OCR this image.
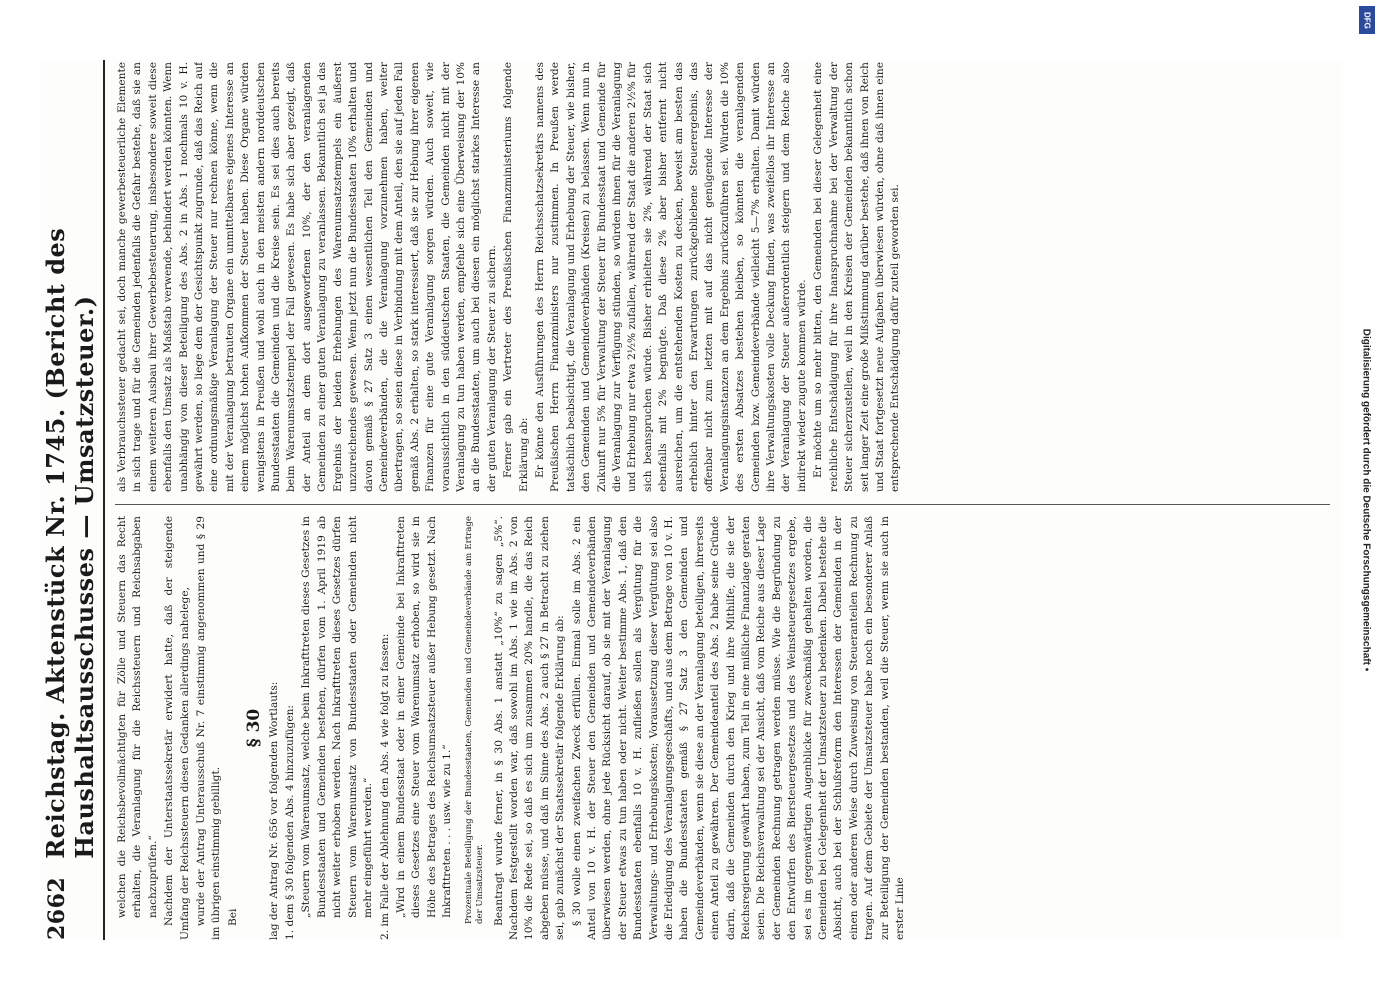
2662
Reichstag. Aktenstück Nr. 1745. (Bericht des Haushaltsausschusses — Umsatzsteuer.) welchen die Reichsbevollmächtigten für Zölle und Steuern das Recht erhalten, die Veranlagung für die Reichssteuern und Reichsabgaben nachzuprüfen.“ Nachdem der Unterstaatssekretär erwidert hatte, daß der steigende Umfang der Reichssteuern diesen Gedanken allerdings nahelege, wurde der Antrag Unterausschuß Nr. 7 einstimmig angenommen und § 29 im übrigen einstimmig gebilligt. Bei

§ 30 lag der Antrag Nr. 656 vor folgenden Wortlauts: 1. dem § 30 folgenden Abs. 4 hinzuzufügen: „Steuern vom Warenumsatz, welche beim Inkrafttreten dieses Gesetzes in Bundesstaaten und Gemeinden bestehen, dürfen vom 1. April 1919 ab nicht weiter erhoben werden. Nach Inkrafttreten dieses Gesetzes dürfen Steuern vom Warenumsatz von Bundesstaaten oder Gemeinden nicht mehr eingeführt werden.“ 2. im Falle der Ablehnung den Abs. 4 wie folgt zu fassen: „Wird in einem Bundesstaat oder in einer Gemeinde bei Inkrafttreten dieses Gesetzes eine Steuer vom Warenumsatz erhoben, so wird sie in Höhe des Betrages des Reichsumsatzsteuer außer Hebung gesetzt. Nach Inkrafttreten . . . usw. wie zu 1.“ Prozentuale Beteiligung der Bundesstaaten, Gemeinden und Gemeindeverbände am Ertrage der Umsatzsteuer. Beantragt wurde ferner, in § 30 Abs. 1 anstatt „10%“ zu sagen „5%“. Nachdem festgestellt worden war, daß sowohl im Abs. 1 wie im Abs. 2 von 10% die Rede sei, so daß es sich um zusammen 20% handle, die das Reich abgeben müsse, und daß im Sinne des Abs. 2 auch § 27 in Betracht zu ziehen sei, gab zunächst der Staatssekretär folgende Erklärung ab: § 30 wolle einen zweifachen Zweck erfüllen. Einmal solle im Abs. 2 ein Anteil von 10 v. H. der Steuer den Gemeinden und Gemeindeverbänden überwiesen werden, ohne jede Rücksicht darauf, ob sie mit der Veranlagung der Steuer etwas zu tun haben oder nicht. Weiter bestimme Abs. 1, daß den Bundesstaaten ebenfalls 10 v. H. zufließen sollen als Vergütung für die Verwaltungs- und Erhebungskosten; Voraussetzung dieser Vergütung sei also die Erledigung des Veranlagungsgeschäfts, und aus dem Betrage von 10 v. H. haben die Bundesstaaten gemäß § 27 Satz 3 den Gemeinden und Gemeindeverbänden, wenn sie diese an der Veranlagung beteiligen, ihrerseits einen Anteil zu gewähren. Der Gemeindeanteil des Abs. 2 habe seine Gründe darin, daß die Gemeinden durch den Krieg und ihre Mithilfe, die sie der Reichsregierung gewährt haben, zum Teil in eine mißliche Finanzlage geraten seien. Die Reichsverwaltung sei der Ansicht, daß vom Reiche aus dieser Lage der Gemeinden Rechnung getragen werden müsse. Wie die Begründung zu den Entwürfen des Biersteuergesetzes und des Weinsteuergesetzes ergebe, sei es im gegenwärtigen Augenblicke für zweckmäßig gehalten worden, die Gemeinden bei Gelegenheit der Umsatzsteuer zu bedenken. Dabei bestehe die Absicht, auch bei der Schlußreform den Interessen der Gemeinden in der einen oder anderen Weise durch Zuweisung von Steueranteilen Rechnung zu tragen. Auf dem Gebiete der Umsatzsteuer habe noch ein besonderer Anlaß zur Beteiligung der Gemeinden bestanden, weil die Steuer, wenn sie auch in erster Linie

als Verbrauchssteuer gedacht sei, doch manche gewerbesteuerliche Elemente in sich trage und für die Gemeinden jedenfalls die Gefahr bestehe, daß sie an einem weiteren Ausbau ihrer Gewerbebesteuerung, insbesondere soweit diese ebenfalls den Umsatz als Maßstab verwende, behindert werden könnten. Wenn unabhängig von dieser Beteiligung des Abs. 2 in Abs. 1 nochmals 10 v. H. gewährt werden, so liege dem der Gesichtspunkt zugrunde, daß das Reich auf eine ordnungsmäßige Veranlagung der Steuer nur rechnen könne, wenn die mit der Veranlagung betrauten Organe ein unmittelbares eigenes Interesse an einem möglichst hohen Aufkommen der Steuer haben. Diese Organe würden wenigstens in Preußen und wohl auch in den meisten andern norddeutschen Bundesstaaten die Gemeinden und die Kreise sein. Es sei dies auch bereits beim Warenumsatzstempel der Fall gewesen. Es habe sich aber gezeigt, daß der Anteil an dem dort ausgeworfenen 10%, der den veranlagenden Gemeinden zu einer guten Veranlagung zu veranlassen. Bekanntlich sei ja das Ergebnis der beiden Erhebungen des Warenumsatzstempels ein äußerst unzureichendes gewesen. Wenn jetzt nun die Bundesstaaten 10% erhalten und davon gemäß § 27 Satz 3 einen wesentlichen Teil den Gemeinden und Gemeindeverbänden, die die Veranlagung vorzunehmen haben, weiter übertragen, so seien diese in Verbindung mit dem Anteil, den sie auf jeden Fall gemäß Abs. 2 erhalten, so stark interessiert, daß sie zur Hebung ihrer eigenen Finanzen für eine gute Veranlagung sorgen würden. Auch soweit, wie voraussichtlich in den süddeutschen Staaten, die Gemeinden nicht mit der Veranlagung zu tun haben werden, empfehle sich eine Überweisung der 10% an die Bundesstaaten, um auch bei diesen ein möglichst starkes Interesse an der guten Veranlagung der Steuer zu sichern. Ferner gab ein Vertreter des Preußischen Finanzministeriums folgende Erklärung ab: Er könne den Ausführungen des Herrn Reichsschatzsekretärs namens des Preußischen Herrn Finanzministers nur zustimmen. In Preußen werde tatsächlich beabsichtigt, die Veranlagung und Erhebung der Steuer, wie bisher, den Gemeinden und Gemeindeverbänden (Kreisen) zu belassen. Wenn nun in Zukunft nur 5% für Verwaltung der Steuer für Bundesstaat und Gemeinde für die Veranlagung zur Verfügung stünden, so würden ihnen für die Veranlagung und Erhebung nur etwa 2½% zufallen, während der Staat die anderen 2½% für sich beanspruchen würde. Bisher erhielten sie 2%, während der Staat sich ebenfalls mit 2% begnügte. Daß diese 2% aber bisher entfernt nicht ausreichen, um die entstehenden Kosten zu decken, beweist am besten das erheblich hinter den Erwartungen zurückgebliebene Steuerergebnis, das offenbar nicht zum letzten mit auf das nicht genügende Interesse der Veranlagungsinstanzen an dem Ergebnis zurückzuführen sei. Würden die 10% des ersten Absatzes bestehen bleiben, so könnten die veranlagenden Gemeinden bzw. Gemeindeverbände vielleicht 5—7% erhalten. Damit würden ihre Verwaltungskosten volle Deckung finden, was zweifellos ihr Interesse an der Veranlagung der Steuer außerordentlich steigern und dem Reiche also indirekt wieder zugute kommen würde. Er möchte um so mehr bitten, den Gemeinden bei dieser Gelegenheit eine reichliche Entschädigung für ihre Inanspruchnahme bei der Verwaltung der Steuer sicherzustellen, weil in den Kreisen der Gemeinden bekanntlich schon seit langer Zeit eine große Mißstimmung darüber bestehe, daß ihnen von Reich und Staat fortgesetzt neue Aufgaben überwiesen würden, ohne daß ihnen eine entsprechende Entschädigung dafür zuteil geworden sei.

DFG
Digitalisierung gefördert durch die Deutsche Forschungsgemeinschaft •
